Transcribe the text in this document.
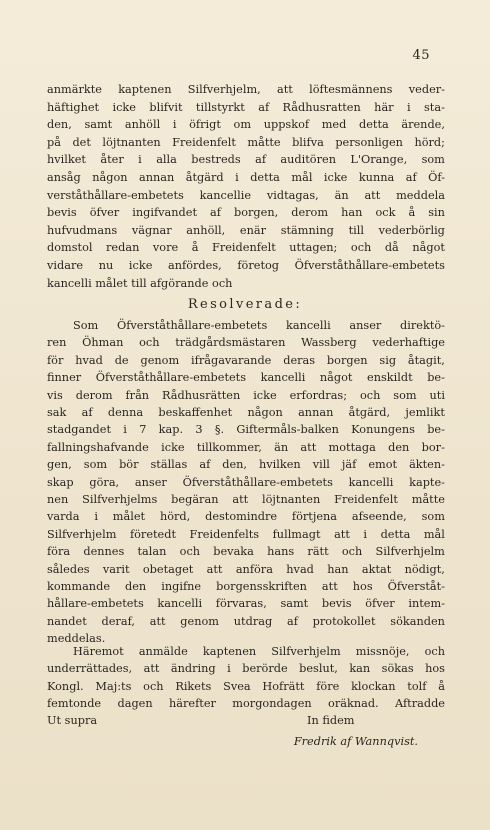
45
anmärkte kaptenen Silfverhjelm, att löftesmännens veder-
häftighet icke blifvit tillstyrkt af Rådhusratten här i sta-
den, samt anhöll i öfrigt om uppskof med detta ärende,
på det löjtnanten Freidenfelt måtte blifva personligen hörd;
hvilket åter i alla bestreds af auditören L'Orange, som
ansåg någon annan åtgärd i detta mål icke kunna af Öf-
verståthållare-embetets kancellie vidtagas, än att meddela
bevis öfver ingifvandet af borgen, derom han ock å sin
hufvudmans vägnar anhöll, enär stämning till vederbörlig
domstol redan vore å Freidenfelt uttagen; och då något
vidare nu icke anfördes, företog Öfverståthållare-embetets
kancelli målet till afgörande och
Resolverade:
Som Öfverståthållare-embetets kancelli anser direktö-
ren Öhman och trädgårdsmästaren Wassberg vederhaftige
för hvad de genom ifrågavarande deras borgen sig åtagit,
finner Öfverståthållare-embetets kancelli något enskildt be-
vis derom från Rådhusrätten icke erfordras; och som uti
sak af denna beskaffenhet någon annan åtgärd, jemlikt
stadgandet i 7 kap. 3 §. Giftermåls-balken Konungens be-
fallningshafvande icke tillkommer, än att mottaga den bor-
gen, som bör ställas af den, hvilken vill jäf emot äkten-
skap göra, anser Öfverståthållare-embetets kancelli kapte-
nen Silfverhjelms begäran att löjtnanten Freidenfelt måtte
varda i målet hörd, destomindre förtjena afseende, som
Silfverhjelm företedt Freidenfelts fullmagt att i detta mål
föra dennes talan och bevaka hans rätt och Silfverhjelm
således varit obetaget att anföra hvad han aktat nödigt,
kommande den ingifne borgensskriften att hos Öfverståt-
hållare-embetets kancelli förvaras, samt bevis öfver intem-
nandet deraf, att genom utdrag af protokollet sökanden
meddelas.
Häremot anmälde kaptenen Silfverhjelm missnöje, och
underrättades, att ändring i berörde beslut, kan sökas hos
Kongl. Maj:ts och Rikets Svea Hofrätt före klockan tolf å
femtonde dagen härefter morgondagen oräknad. Aftradde
Ut supra	In fidem
Fredrik af Wannqvist.
